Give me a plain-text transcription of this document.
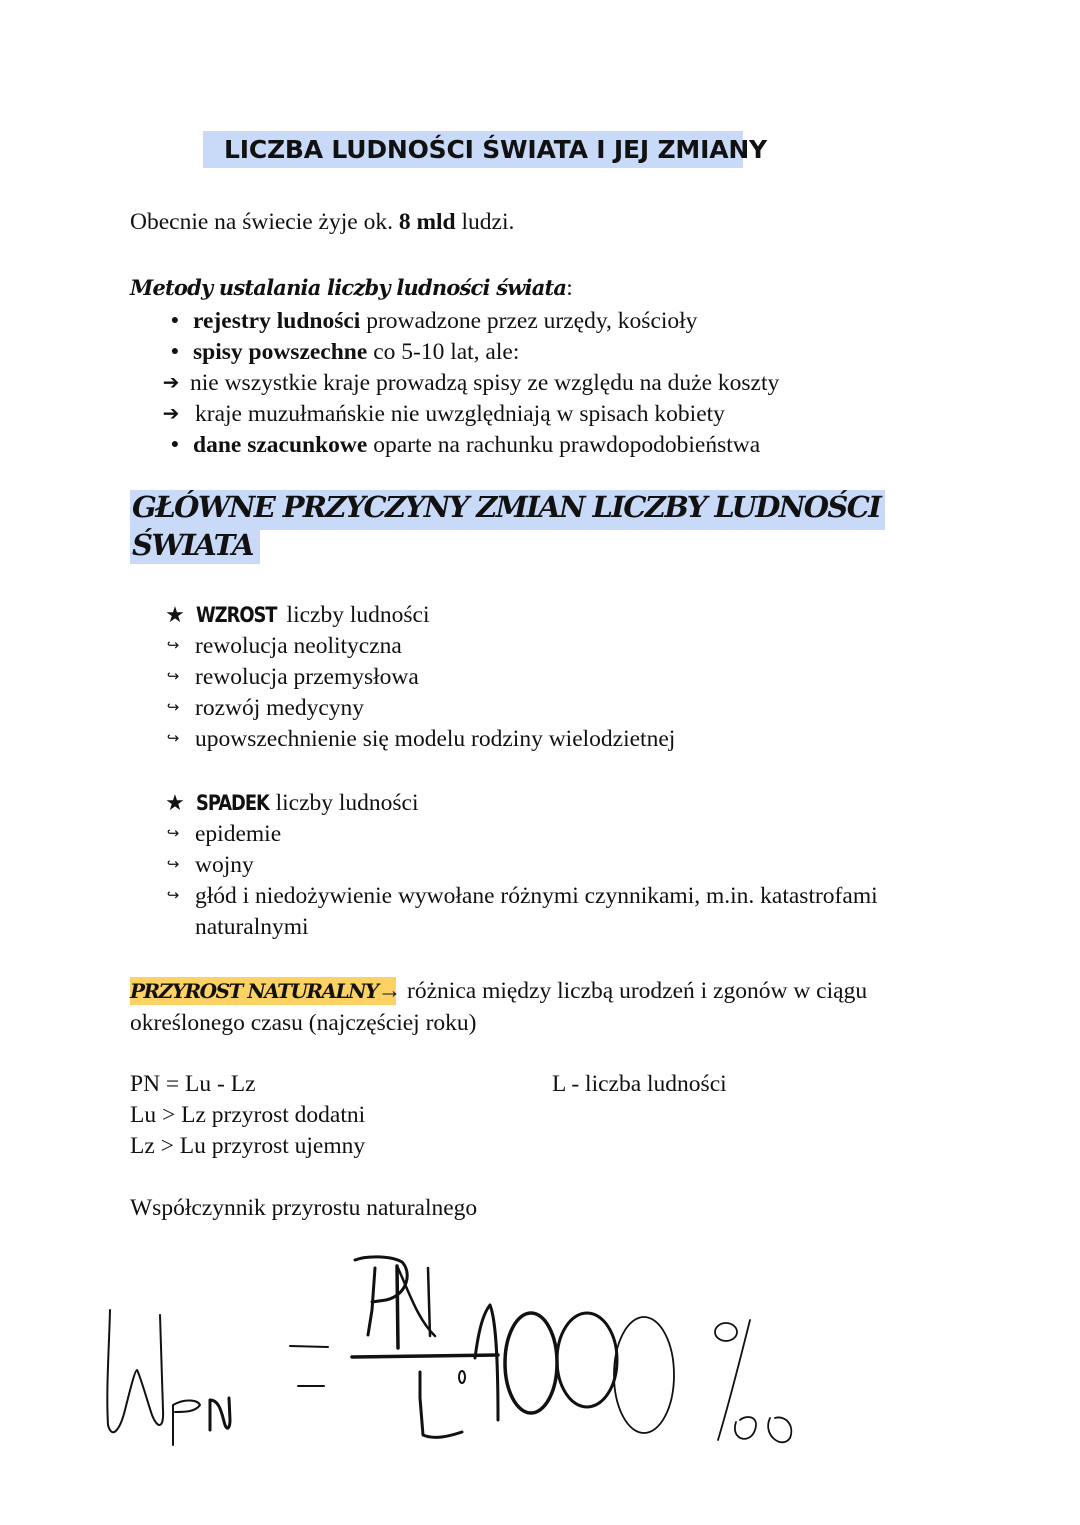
LICZBA LUDNOŚCI ŚWIATA I JEJ ZMIANY
Obecnie na świecie żyje ok. 8 mld ludzi.
Metody ustalania liczby ludności świata:
● rejestry ludności prowadzone przez urzędy, kościoły
● spisy powszechne co 5-10 lat, ale:
➔ nie wszystkie kraje prowadzą spisy ze względu na duże koszty
➔ kraje muzułmańskie nie uwzględniają w spisach kobiety
● dane szacunkowe oparte na rachunku prawdopodobieństwa
GŁÓWNE PRZYCZYNY ZMIAN LICZBY LUDNOŚCI
ŚWIATA
★ WZROST liczby ludności
↪ rewolucja neolityczna
↪ rewolucja przemysłowa
↪ rozwój medycyny
↪ upowszechnienie się modelu rodziny wielodzietnej
★ SPADEK liczby ludności
↪ epidemie
↪ wojny
↪ głód i niedożywienie wywołane różnymi czynnikami, m.in. katastrofami
naturalnymi
PRZYROST NATURALNY→ różnica między liczbą urodzeń i zgonów w ciągu
określonego czasu (najczęściej roku)
PN = Lu - Lz
Lu > Lz przyrost dodatni
Lz > Lu przyrost ujemny
L - liczba ludności
Współczynnik przyrostu naturalnego
